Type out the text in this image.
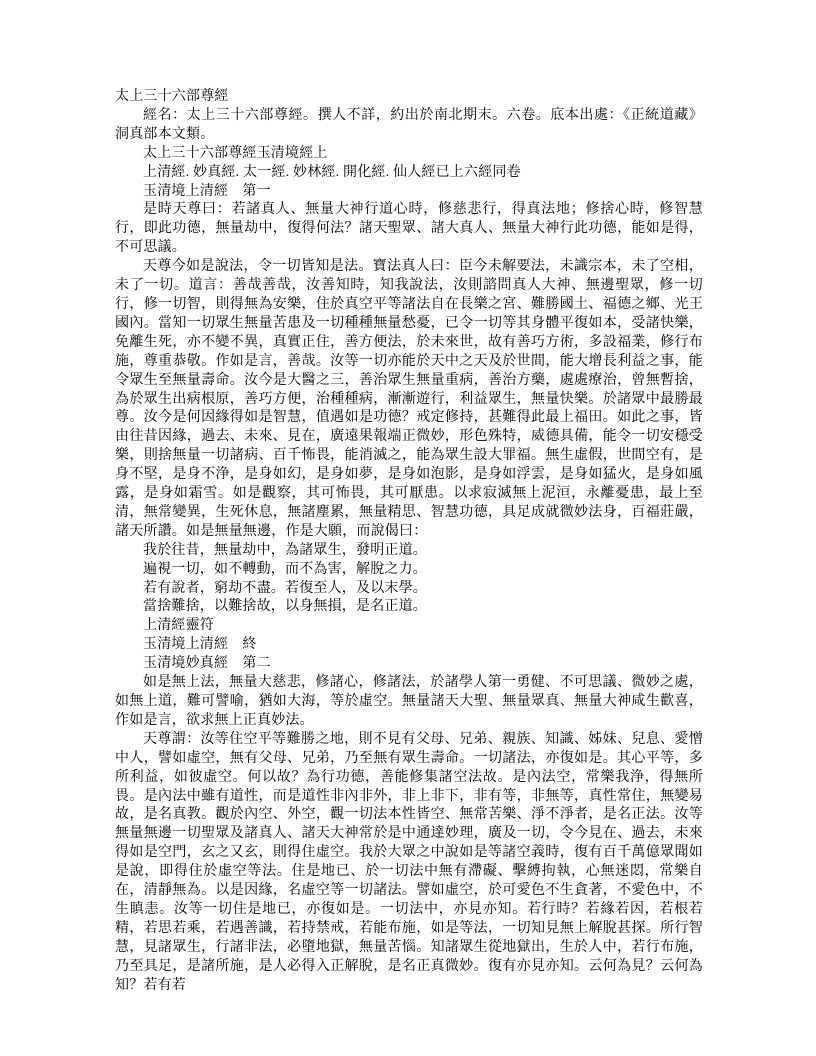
太上三十六部尊經

經名：太上三十六部尊經。撰人不詳，約出於南北期末。六卷。底本出處：《正統道藏》洞真部本文類。

太上三十六部尊經玉清境經上

上清經. 妙真經. 太一經. 妙林經. 開化經. 仙人經已上六經同卷

玉清境上清經　第一

是時天尊曰：若諸真人、無量大神行道心時，修慈悲行，得真法地；修捨心時，修智慧行，即此功德，無量劫中，復得何法？諸天聖眾、諸大真人、無量大神行此功德，能如是得，不可思議。

天尊今如是說法，令一切皆知是法。寶法真人曰：臣今未解要法，未識宗本，未了空相，未了一切。道言：善哉善哉，汝善知時，知我說法，汝則諮問真人大神、無邊聖眾，修一切行，修一切智，則得無為安樂，住於真空平等諸法自在長樂之宮、難勝國土、福德之鄉、光王國內。當知一切眾生無量苦患及一切種種無量愁憂，已令一切等其身體平復如本，受諸快樂，免離生死，亦不變不異，真實正住，善方便法，於未來世，故有善巧方術，多設福業，修行布施，尊重恭敬。作如是言，善哉。汝等一切亦能於天中之天及於世間，能大增長利益之事，能令眾生至無量壽命。汝今是大醫之三，善治眾生無量重病，善治方藥，處處療治，曾無暫捨，為於眾生出病根原，善巧方便，治種種病，漸漸遊行，利益眾生，無量快樂。於諸眾中最勝最尊。汝今是何因緣得如是智慧，值遇如是功德？戒定修持，甚難得此最上福田。如此之事，皆由往昔因緣，過去、未來、見在，廣遠果報端正微妙，形色殊特，威德具備，能令一切安穩受樂，則捨無量一切諸病、百千怖畏，能消滅之，能為眾生設大罪福。無生虛假，世間空有，是身不堅，是身不浄，是身如幻，是身如夢，是身如泡影，是身如浮雲，是身如猛火，是身如風露，是身如霜雪。如是觀察，其可怖畏，其可厭患。以求寂滅無上泥洹，永離憂患，最上至清，無常變異，生死休息，無諸塵累，無量精思、智慧功德，具足成就微妙法身，百福莊嚴，諸天所讚。如是無量無邊，作是大願，而說偈曰：

我於往昔，無量劫中，為諸眾生，發明正道。

遍視一切，如不轉動，而不為害，解脫之力。

若有說者，窮劫不盡。若復至人，及以末學。

當捨難捨，以難捨故，以身無損，是名正道。

上清經靈符

玉清境上清經　終

玉清境妙真經　第二

如是無上法，無量大慈悲，修諸心，修諸法，於諸學人第一勇健、不可思議、微妙之處，如無上道，難可譬喻，猶如大海，等於虛空。無量諸天大聖、無量眾真、無量大神咸生歡喜，作如是言，欲求無上正真妙法。

天尊謂：汝等住空平等難勝之地，則不見有父母、兄弟、親族、知識、姊妹、兒息、愛憎中人，譬如虛空，無有父母、兄弟，乃至無有眾生壽命。一切諸法，亦復如是。其心平等，多所利益，如彼虛空。何以故？為行功德，善能修集諸空法故。是內法空，常樂我浄，得無所畏。是內法中雖有道性，而是道性非內非外，非上非下，非有等，非無等，真性常住，無變易故，是名真教。觀於內空、外空，觀一切法本性皆空、無常苦樂、淨不淨者，是名正法。汝等無量無邊一切聖眾及諸真人、諸天大神常於是中通達妙理，廣及一切，令今見在、過去，未來得如是空門，玄之又玄，則得住虛空。我於大眾之中說如是等諸空義時，復有百千萬億眾聞如是說，即得住於虛空等法。住是地已、於一切法中無有滯礙、擊縛拘執，心無迷悶，常樂自在，清靜無為。以是因緣，名虛空等一切諸法。譬如虛空，於可愛色不生貪著，不愛色中，不生瞋恚。汝等一切住是地已，亦復如是。一切法中，亦見亦知。若行時？若緣若因，若根若精，若思若乘，若遇善識，若持禁戒，若能布施，如是等法，一切知見無上解脫甚探。所行智慧，見諸眾生，行諸非法，必墮地獄，無量苦惱。知諸眾生從地獄出，生於人中，若行布施，乃至具足，是諸所施，是人必得入正解脫，是名正真微妙。復有亦見亦知。云何為見？云何為知？若有若
